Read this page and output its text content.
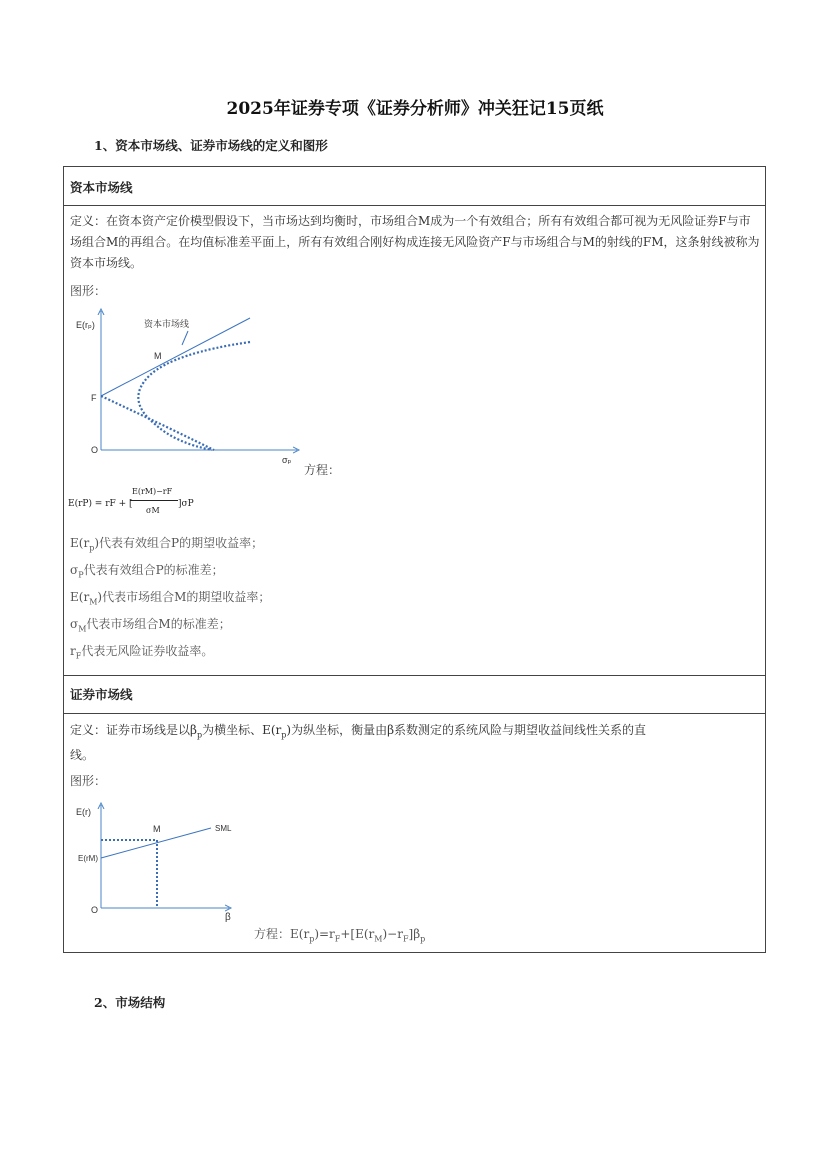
2025年证券专项《证券分析师》冲关狂记15页纸
1、资本市场线、证券市场线的定义和图形
资本市场线
定义：在资本资产定价模型假设下，当市场达到均衡时，市场组合M成为一个有效组合；所有有效组合都可视为无风险证券F与市场组合M的再组合。在均值标准差平面上，所有有效组合刚好构成连接无风险资产F与市场组合与M的射线的FM，这条射线被称为资本市场线。
图形：
E(rₚ)	资本市场线
M
F
O
σₚ
方程：
E(rP) = rF + [
E(rM)−rF
σM
]σP
$E(r_p)$代表有效组合P的期望收益率；
$\sigma_P$代表有效组合P的标准差；
$E(r_M)$代表市场组合M的期望收益率；
$\sigma_M$代表市场组合M的标准差；
$r_F$代表无风险证券收益率。
证券市场线
定义：证券市场线是以$\beta_p$为横坐标、$E(r_p)$为纵坐标，衡量由β系数测定的系统风险与期望收益间线性关系的直
线。
图形：
E(r)
M	SML
E(rM)
O
β
方程：$E(r_p)=r_F+[E(r_M)-r_F]\beta_p$
2、市场结构
